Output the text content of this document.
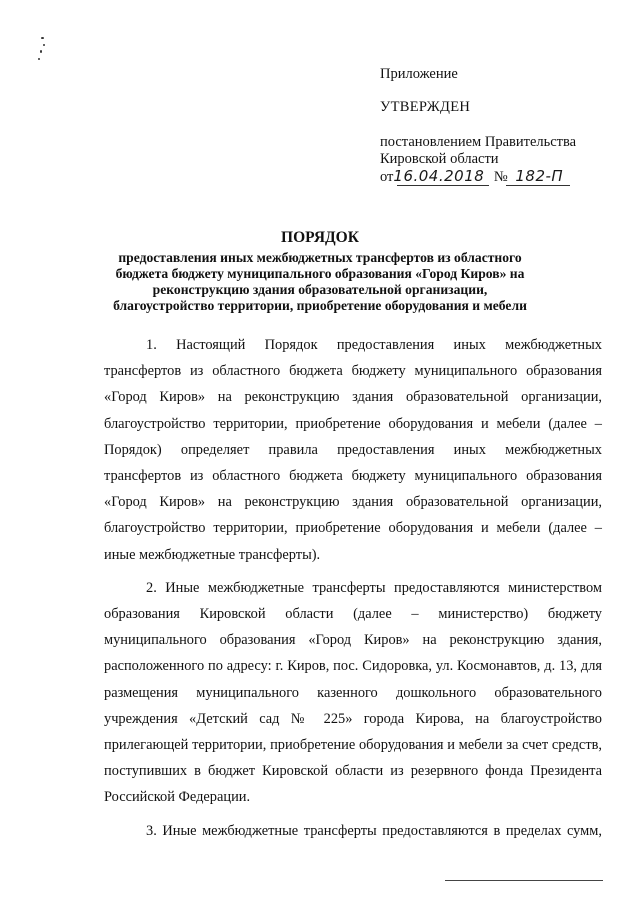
Приложение
УТВЕРЖДЕН
постановлением Правительства
Кировской области
от16.04.2018 № 182-П
ПОРЯДОК
предоставления иных межбюджетных трансфертов из областного бюджета бюджету муниципального образования «Город Киров» на реконструкцию здания образовательной организации, благоустройство территории, приобретение оборудования и мебели

1. Настоящий Порядок предоставления иных межбюджетных трансфертов из областного бюджета бюджету муниципального образования «Город Киров» на реконструкцию здания образовательной организации, благоустройство территории, приобретение оборудования и мебели (далее – Порядок) определяет правила предоставления иных межбюджетных трансфертов из областного бюджета бюджету муниципального образования «Город Киров» на реконструкцию здания образовательной организации, благоустройство территории, приобретение оборудования и мебели (далее – иные межбюджетные трансферты).

2. Иные межбюджетные трансферты предоставляются министерством образования Кировской области (далее – министерство) бюджету муниципального образования «Город Киров» на реконструкцию здания, расположенного по адресу: г. Киров, пос. Сидоровка, ул. Космонавтов, д. 13, для размещения муниципального казенного дошкольного образовательного учреждения «Детский сад № 225» города Кирова, на благоустройство прилегающей территории, приобретение оборудования и мебели за счет средств, поступивших в бюджет Кировской области из резервного фонда Президента Российской Федерации.

3. Иные межбюджетные трансферты предоставляются в пределах сумм,
